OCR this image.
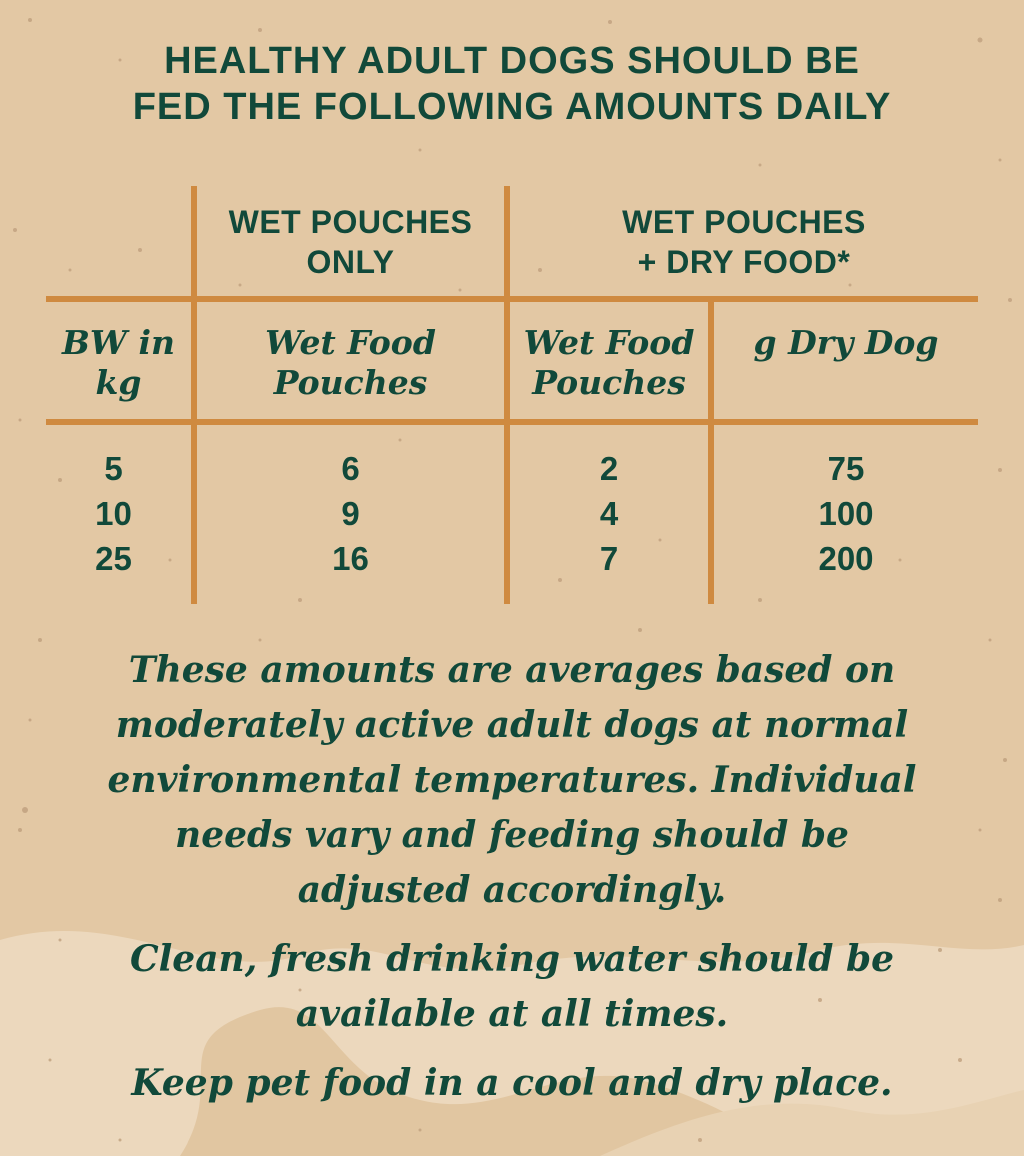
HEALTHY ADULT DOGS SHOULD BE
FED THE FOLLOWING AMOUNTS DAILY
WET POUCHES
ONLY
WET POUCHES
+ DRY FOOD*
BW in
kg
Wet Food
Pouches
Wet Food
Pouches
g Dry Dog
5
10
25
6
9
16
2
4
7
75
100
200
These amounts are averages based on
moderately active adult dogs at normal
environmental temperatures. Individual
needs vary and feeding should be
adjusted accordingly.
Clean, fresh drinking water should be
available at all times.
Keep pet food in a cool and dry place.
